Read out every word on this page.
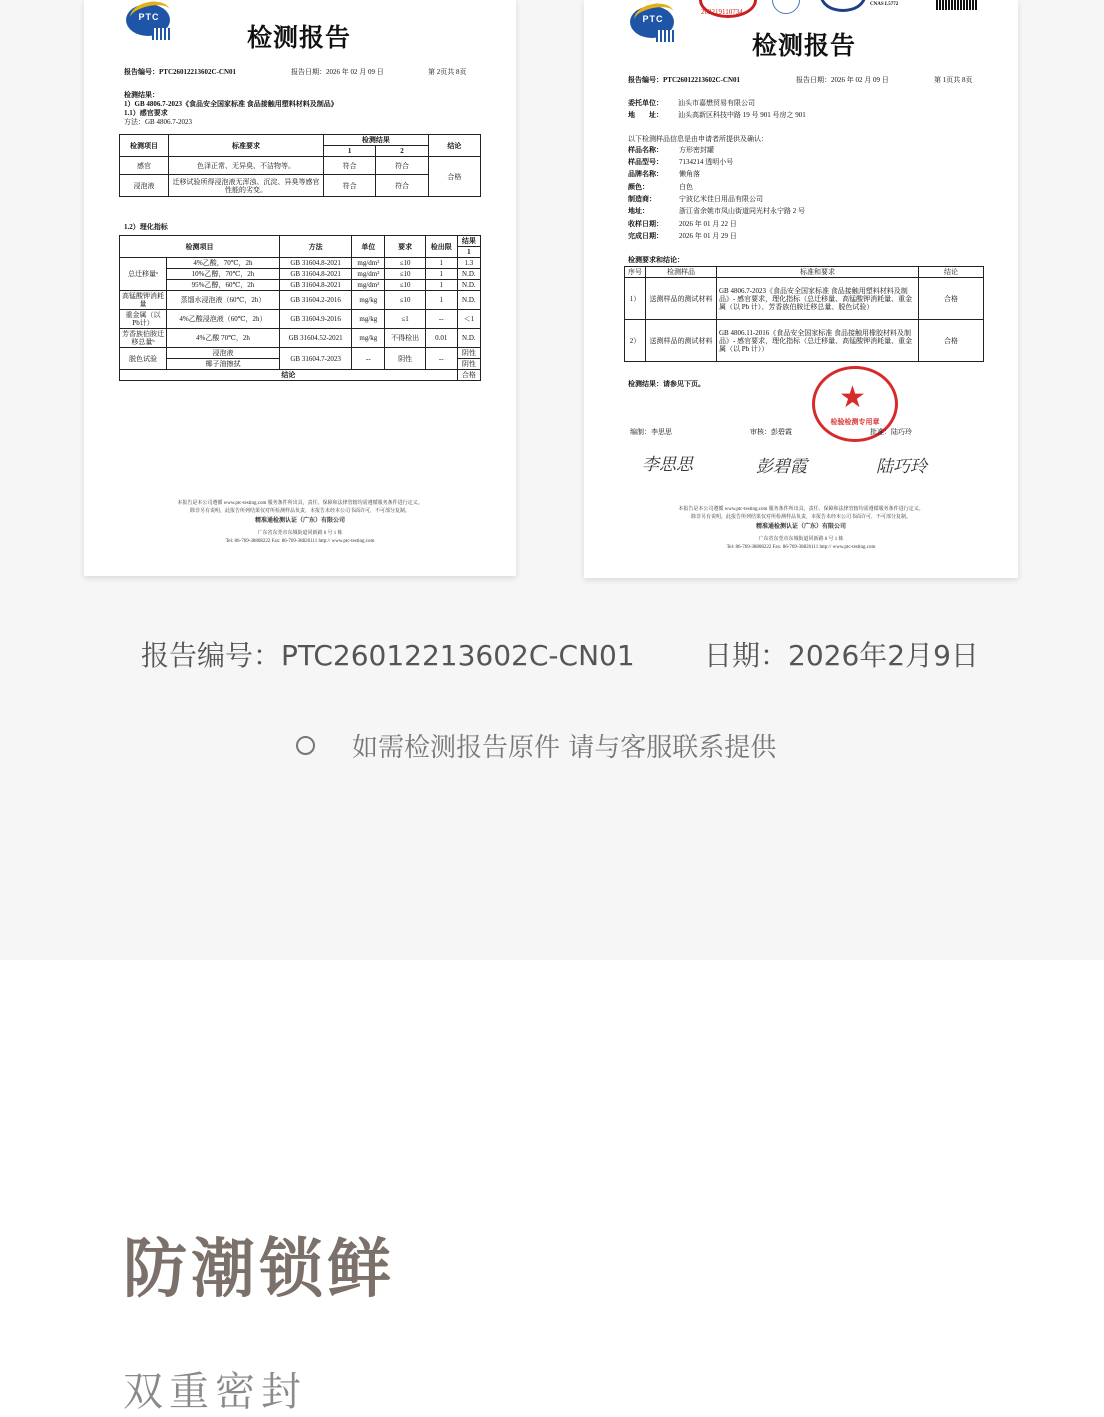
PTC
检测报告
报告编号：PTC26012213602C-CN01	报告日期：2026 年 02 月 09 日	第 2页共 8页
检测结果：
1）GB 4806.7-2023《食品安全国家标准 食品接触用塑料材料及制品》
1.1）感官要求
方法：GB 4806.7-2023
检测项目	标准要求	检测结果		结论
		1	2	
感官	色泽正常、无异臭、不洁物等。	符合	符合	合格
浸泡液	迁移试验所得浸泡液无浑浊、沉淀、异臭等感官性能的劣变。	符合	符合	
1.2）理化指标
检测项目		方法	单位	要求	检出限	结果
						1
总迁移量ᵃ	4%乙酸，70℃，2h	GB 31604.8-2021	mg/dm²	≤10	1	1.3
	10%乙醇，70℃，2h	GB 31604.8-2021	mg/dm²	≤10	1	N.D.
	95%乙醇，60℃，2h	GB 31604.8-2021	mg/dm²	≤10	1	N.D.
高锰酸钾消耗量	蒸馏水浸泡液（60℃，2h）	GB 31604.2-2016	mg/kg	≤10	1	N.D.
重金属（以Pb计）	4%乙酸浸泡液（60℃，2h）	GB 31604.9-2016	mg/kg	≤1	--	＜1
芳香族伯胺迁移总量ᵇ	4%乙酸 70℃，2h	GB 31604.52-2021	mg/kg	不得检出	0.01	N.D.
脱色试验	浸泡液	GB 31604.7-2023	--	阴性	--	阴性
	椰子油擦拭					阴性
结论						合格
本报告是本公司遵循 www.ptc-testing.com 服务条件所出具，责任、保障和法律管辖均需遵循服务条件进行定义。
除非另有说明，此报告所列结果仅对所检测样品负责，本报告未经本公司书面许可，不可部分复制。
精准通检测认证（广东）有限公司
广东省东莞市东城街道同新路 6 号 1 栋
Tel: 86-769-38808222 Fax: 86-769-38826111 http:// www.ptc-testing.com
PTC
202219110734
CNAS L5772
检测报告
报告编号：PTC26012213602C-CN01	报告日期：2026 年 02 月 09 日	第 1页共 8页
委托单位： 汕头市嘉懋贸易有限公司
地　　址： 汕头高新区科技中路 19 号 901 号房之 901
以下检测样品信息是由申请者所提供及确认：
样品名称： 方形密封罐
样品型号： 7134214 透明小号
品牌名称： 懒角落
颜色：	白色
制造商：	宁波亿米佳日用品有限公司
地址：	浙江省余姚市凤山街道同光村永宁路 2 号
收样日期： 2026 年 01 月 22 日
完成日期： 2026 年 01 月 29 日
检测要求和结论：
序号	检测样品	标准和要求	结论
1）	送测样品的测试材料	GB 4806.7-2023《食品安全国家标准 食品接触用塑料材料及制品》- 感官要求，理化指标（总迁移量、高锰酸钾消耗量、重金属（以 Pb 计）、芳香族伯胺迁移总量、脱色试验）	合格
2）	送测样品的测试材料	GB 4806.11-2016《食品安全国家标准 食品接触用橡胶材料及制品》- 感官要求，理化指标（总迁移量、高锰酸钾消耗量、重金属（以 Pb 计））	合格
检测结果：请参见下页。	★
检验检测专用章
编制：李思思	审核：彭碧霞	批准：陆巧玲
李思思	彭碧霞	陆巧玲
本报告是本公司遵循 www.ptc-testing.com 服务条件所出具，责任、保障和法律管辖均需遵循服务条件进行定义。
除非另有说明，此报告所列结果仅对所检测样品负责，本报告未经本公司书面许可，不可部分复制。
精准通检测认证（广东）有限公司
广东省东莞市东城街道同新路 6 号 1 栋
Tel: 86-769-38808222 Fax: 86-769-38826111 http:// www.ptc-testing.com
报告编号：PTC26012213602C-CN01 日期：2026年2月9日
如需检测报告原件 请与客服联系提供
防潮锁鲜
双重密封
